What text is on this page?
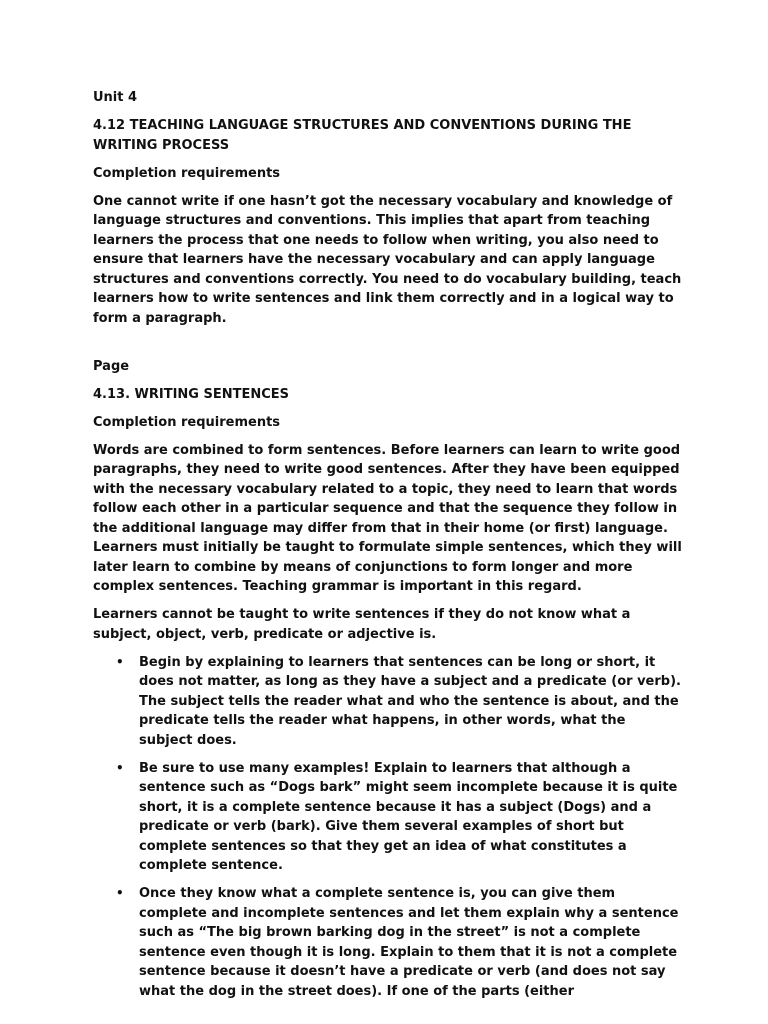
Unit 4

4.12 TEACHING LANGUAGE STRUCTURES AND CONVENTIONS DURING THE WRITING PROCESS

Completion requirements

One cannot write if one hasn’t got the necessary vocabulary and knowledge of language structures and conventions. This implies that apart from teaching learners the process that one needs to follow when writing, you also need to ensure that learners have the necessary vocabulary and can apply language structures and conventions correctly. You need to do vocabulary building, teach learners how to write sentences and link them correctly and in a logical way to form a paragraph.

Page

4.13. WRITING SENTENCES

Completion requirements

Words are combined to form sentences. Before learners can learn to write good paragraphs, they need to write good sentences. After they have been equipped with the necessary vocabulary related to a topic, they need to learn that words follow each other in a particular sequence and that the sequence they follow in the additional language may differ from that in their home (or first) language. Learners must initially be taught to formulate simple sentences, which they will later learn to combine by means of conjunctions to form longer and more complex sentences. Teaching grammar is important in this regard.

Learners cannot be taught to write sentences if they do not know what a subject, object, verb, predicate or adjective is.

• Begin by explaining to learners that sentences can be long or short, it does not matter, as long as they have a subject and a predicate (or verb). The subject tells the reader what and who the sentence is about, and the predicate tells the reader what happens, in other words, what the subject does.
• Be sure to use many examples! Explain to learners that although a sentence such as “Dogs bark” might seem incomplete because it is quite short, it is a complete sentence because it has a subject (Dogs) and a predicate or verb (bark). Give them several examples of short but complete sentences so that they get an idea of what constitutes a complete sentence.
• Once they know what a complete sentence is, you can give them complete and incomplete sentences and let them explain why a sentence such as “The big brown barking dog in the street” is not a complete sentence even though it is long. Explain to them that it is not a complete sentence because it doesn’t have a predicate or verb (and does not say what the dog in the street does). If one of the parts (either
